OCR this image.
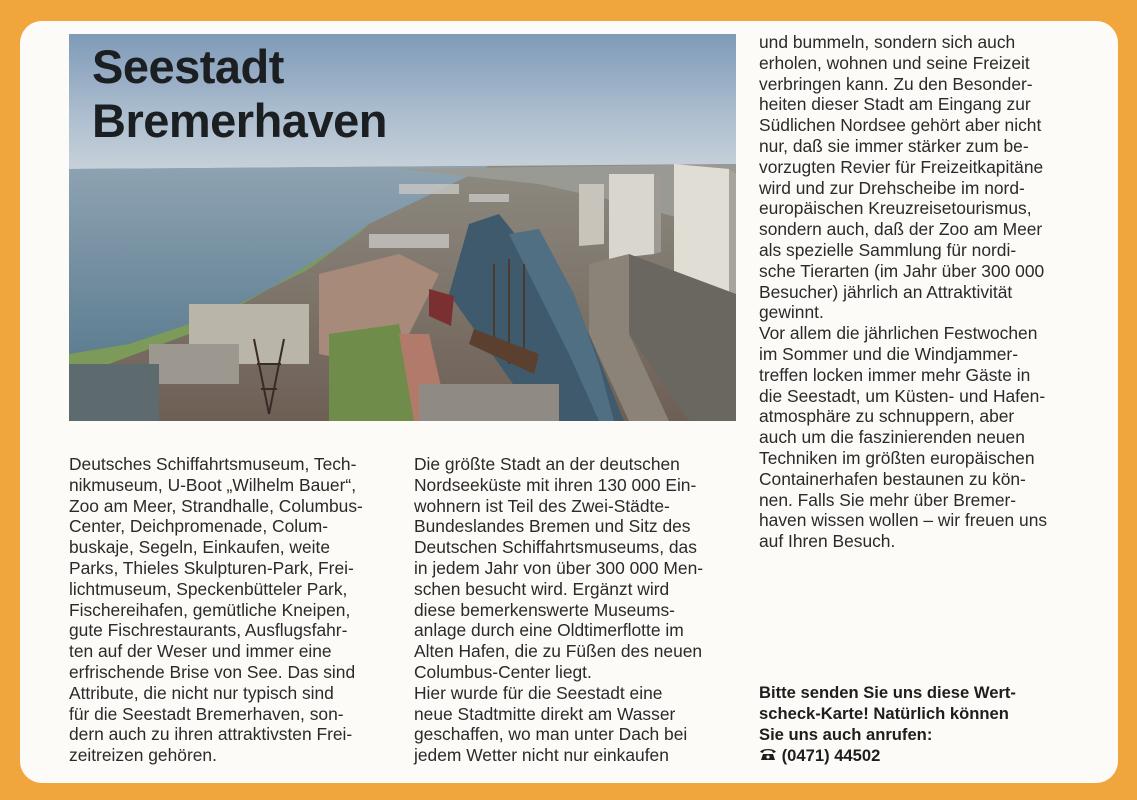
Seestadt
Bremerhaven

Deutsches Schiffahrtsmuseum, Tech-
nikmuseum, U-Boot „Wilhelm Bauer“,
Zoo am Meer, Strandhalle, Columbus-
Center, Deichpromenade, Colum-
buskaje, Segeln, Einkaufen, weite
Parks, Thieles Skulpturen-Park, Frei-
lichtmuseum, Speckenbütteler Park,
Fischereihafen, gemütliche Kneipen,
gute Fischrestaurants, Ausflugsfahr-
ten auf der Weser und immer eine
erfrischende Brise von See. Das sind
Attribute, die nicht nur typisch sind
für die Seestadt Bremerhaven, son-
dern auch zu ihren attraktivsten Frei-
zeitreizen gehören.

Die größte Stadt an der deutschen
Nordseeküste mit ihren 130 000 Ein-
wohnern ist Teil des Zwei-Städte-
Bundeslandes Bremen und Sitz des
Deutschen Schiffahrtsmuseums, das
in jedem Jahr von über 300 000 Men-
schen besucht wird. Ergänzt wird
diese bemerkenswerte Museums-
anlage durch eine Oldtimerflotte im
Alten Hafen, die zu Füßen des neuen
Columbus-Center liegt.
Hier wurde für die Seestadt eine
neue Stadtmitte direkt am Wasser
geschaffen, wo man unter Dach bei
jedem Wetter nicht nur einkaufen

und bummeln, sondern sich auch
erholen, wohnen und seine Freizeit
verbringen kann. Zu den Besonder-
heiten dieser Stadt am Eingang zur
Südlichen Nordsee gehört aber nicht
nur, daß sie immer stärker zum be-
vorzugten Revier für Freizeitkapitäne
wird und zur Drehscheibe im nord-
europäischen Kreuzreisetourismus,
sondern auch, daß der Zoo am Meer
als spezielle Sammlung für nordi-
sche Tierarten (im Jahr über 300 000
Besucher) jährlich an Attraktivität
gewinnt.
Vor allem die jährlichen Festwochen
im Sommer und die Windjammer-
treffen locken immer mehr Gäste in
die Seestadt, um Küsten- und Hafen-
atmosphäre zu schnuppern, aber
auch um die faszinierenden neuen
Techniken im größten europäischen
Containerhafen bestaunen zu kön-
nen. Falls Sie mehr über Bremer-
haven wissen wollen – wir freuen uns
auf Ihren Besuch.

Bitte senden Sie uns diese Wert-
scheck-Karte! Natürlich können
Sie uns auch anrufen:
(0471) 44502
